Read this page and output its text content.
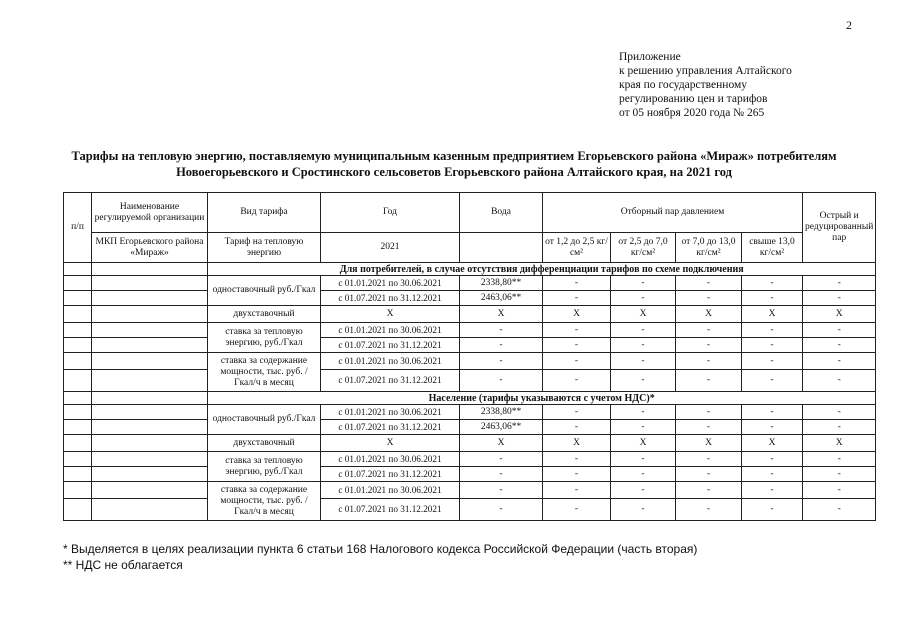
2
Приложение
к решению управления Алтайского
края по государственному
регулированию цен и тарифов
от 05 ноября 2020 года № 265
Тарифы на тепловую энергию, поставляемую муниципальным казенным предприятием Егорьевского района «Мираж» потребителям
Новоегорьевского и Сростинского сельсоветов Егорьевского района Алтайского края, на 2021 год
п/п	Наименование регулируемой организации	Вид тарифа	Год	Вода	Отборный пар давлением				Острый и редуцированный пар
	МКП Егорьевского района «Мираж»	Тариф на тепловую энергию	2021		от 1,2 до 2,5 кг/см²	от 2,5 до 7,0 кг/см²	от 7,0 до 13,0 кг/см²	свыше 13,0 кг/см²	
		Для потребителей, в случае отсутствия дифференциации тарифов по схеме подключения							
		одноставочный руб./Гкал	с 01.01.2021 по 30.06.2021	2338,80**	-	-	-	-	-
			с 01.07.2021 по 31.12.2021	2463,06**	-	-	-	-	-
		двухставочный	X	X	X	X	X	X	X
		ставка за тепловую энергию, руб./Гкал	с 01.01.2021 по 30.06.2021	-	-	-	-	-	-
			с 01.07.2021 по 31.12.2021	-	-	-	-	-	-
		ставка за содержание мощности, тыс. руб. /Гкал/ч в месяц	с 01.01.2021 по 30.06.2021	-	-	-	-	-	-
			с 01.07.2021 по 31.12.2021	-	-	-	-	-	-
		Население (тарифы указываются с учетом НДС)*							
		одноставочный руб./Гкал	с 01.01.2021 по 30.06.2021	2338,80**	-	-	-	-	-
			с 01.07.2021 по 31.12.2021	2463,06**	-	-	-	-	-
		двухставочный	X	X	X	X	X	X	X
		ставка за тепловую энергию, руб./Гкал	с 01.01.2021 по 30.06.2021	-	-	-	-	-	-
			с 01.07.2021 по 31.12.2021	-	-	-	-	-	-
		ставка за содержание мощности, тыс. руб. /Гкал/ч в месяц	с 01.01.2021 по 30.06.2021	-	-	-	-	-	-
			с 01.07.2021 по 31.12.2021	-	-	-	-	-	-
* Выделяется в целях реализации пункта 6 статьи 168 Налогового кодекса Российской Федерации (часть вторая)
** НДС не облагается
